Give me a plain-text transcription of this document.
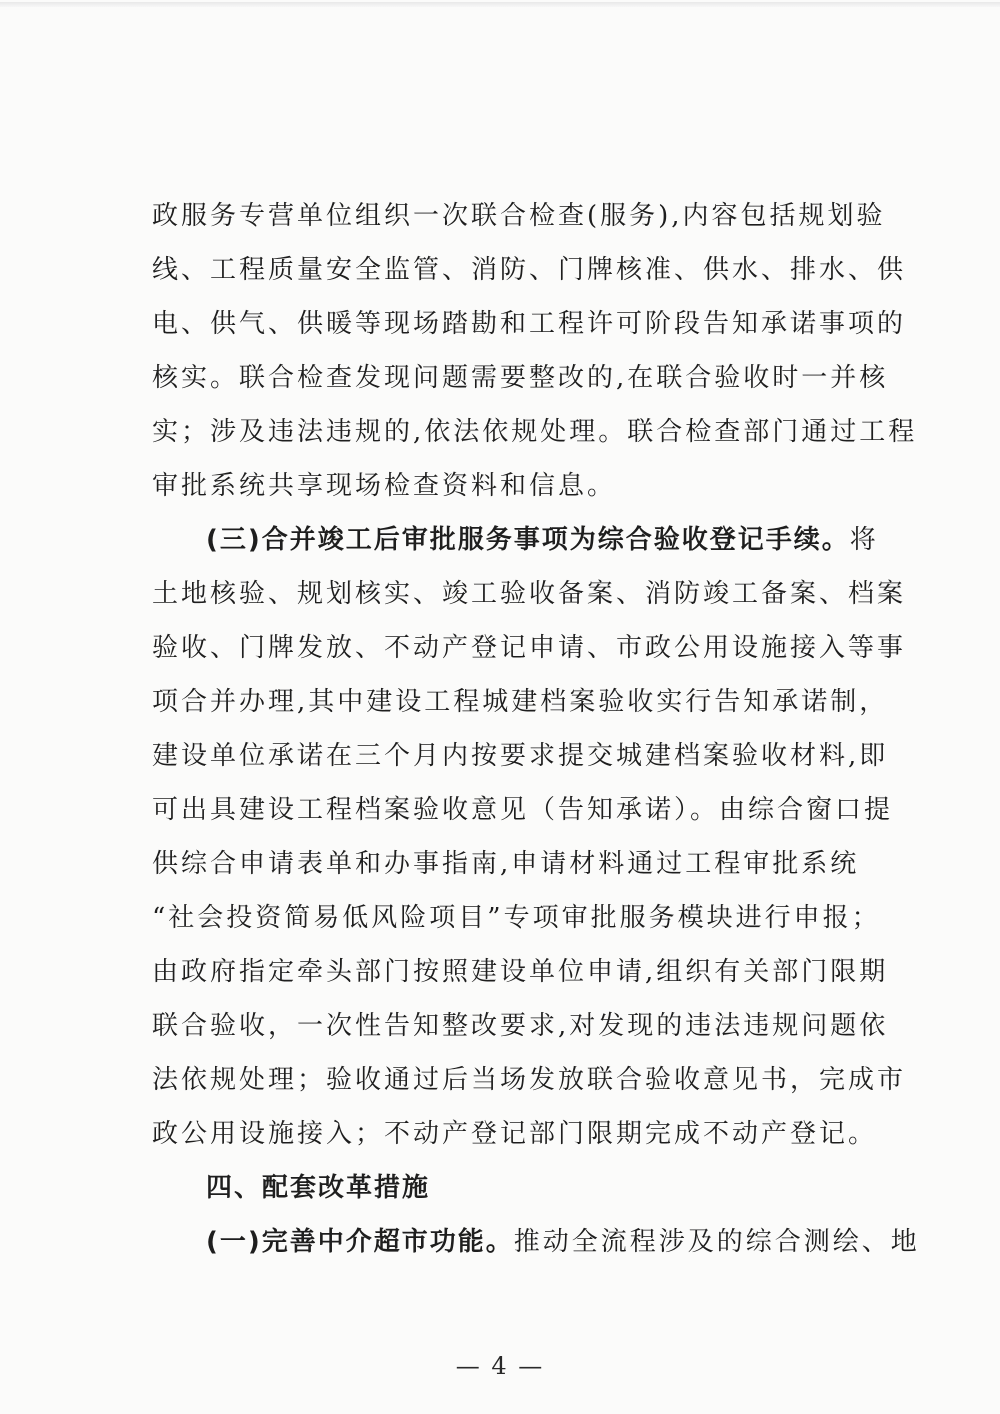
政服务专营单位组织一次联合检查(服务),内容包括规划验
线、工程质量安全监管、消防、门牌核准、供水、排水、供
电、供气、供暖等现场踏勘和工程许可阶段告知承诺事项的
核实。联合检查发现问题需要整改的,在联合验收时一并核
实；涉及违法违规的,依法依规处理。联合检查部门通过工程
审批系统共享现场检查资料和信息。
(三)合并竣工后审批服务事项为综合验收登记手续。将
土地核验、规划核实、竣工验收备案、消防竣工备案、档案
验收、门牌发放、不动产登记申请、市政公用设施接入等事
项合并办理,其中建设工程城建档案验收实行告知承诺制，
建设单位承诺在三个月内按要求提交城建档案验收材料,即
可出具建设工程档案验收意见（告知承诺）。由综合窗口提
供综合申请表单和办事指南,申请材料通过工程审批系统
“社会投资简易低风险项目”专项审批服务模块进行申报；
由政府指定牵头部门按照建设单位申请,组织有关部门限期
联合验收，一次性告知整改要求,对发现的违法违规问题依
法依规处理；验收通过后当场发放联合验收意见书，完成市
政公用设施接入；不动产登记部门限期完成不动产登记。
四、配套改革措施
(一)完善中介超市功能。推动全流程涉及的综合测绘、地
— 4 —
